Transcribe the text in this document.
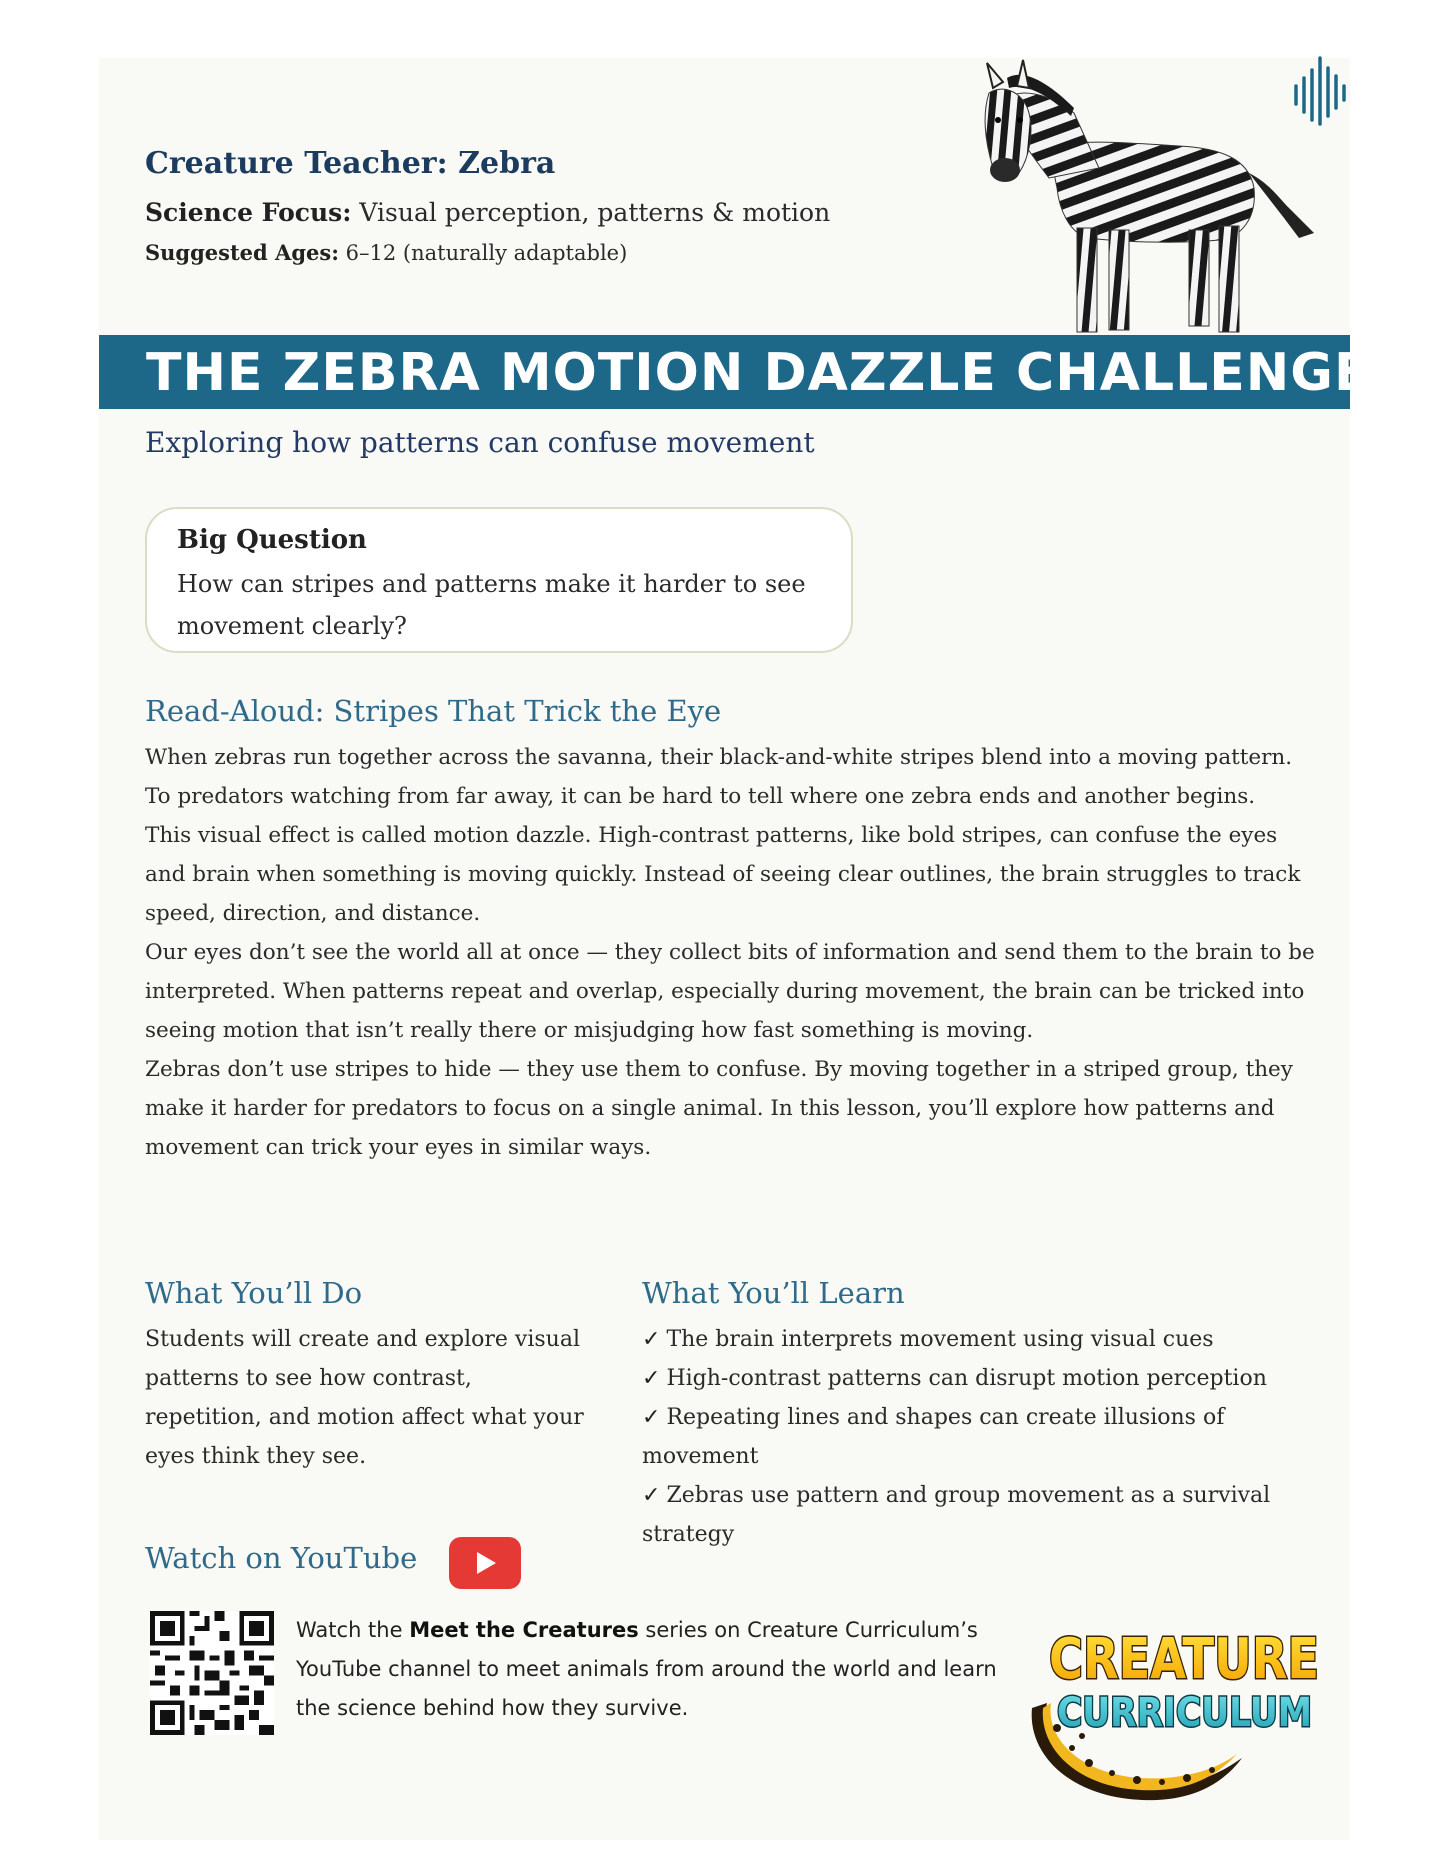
Creature Teacher: Zebra
Science Focus: Visual perception, patterns & motion
Suggested Ages: 6–12 (naturally adaptable)
THE ZEBRA MOTION DAZZLE CHALLENGE
Exploring how patterns can confuse movement
Big Question
How can stripes and patterns make it harder to see movement clearly?
Read-Aloud: Stripes That Trick the Eye

When zebras run together across the savanna, their black-and-white stripes blend into a moving pattern. To predators watching from far away, it can be hard to tell where one zebra ends and another begins.

This visual effect is called motion dazzle. High-contrast patterns, like bold stripes, can confuse the eyes and brain when something is moving quickly. Instead of seeing clear outlines, the brain struggles to track speed, direction, and distance.

Our eyes don’t see the world all at once — they collect bits of information and send them to the brain to be interpreted. When patterns repeat and overlap, especially during movement, the brain can be tricked into seeing motion that isn’t really there or misjudging how fast something is moving.

Zebras don’t use stripes to hide — they use them to confuse. By moving together in a striped group, they make it harder for predators to focus on a single animal. In this lesson, you’ll explore how patterns and movement can trick your eyes in similar ways.

What You’ll Do
Students will create and explore visual patterns to see how contrast, repetition, and motion affect what your eyes think they see.
What You’ll Learn
✓ The brain interprets movement using visual cues
✓ High-contrast patterns can disrupt motion perception
✓ Repeating lines and shapes can create illusions of movement
✓ Zebras use pattern and group movement as a survival strategy
Watch on YouTube
Watch the Meet the Creatures series on Creature Curriculum’s YouTube channel to meet animals from around the world and learn the science behind how they survive.
CREATURE
CURRICULUM
